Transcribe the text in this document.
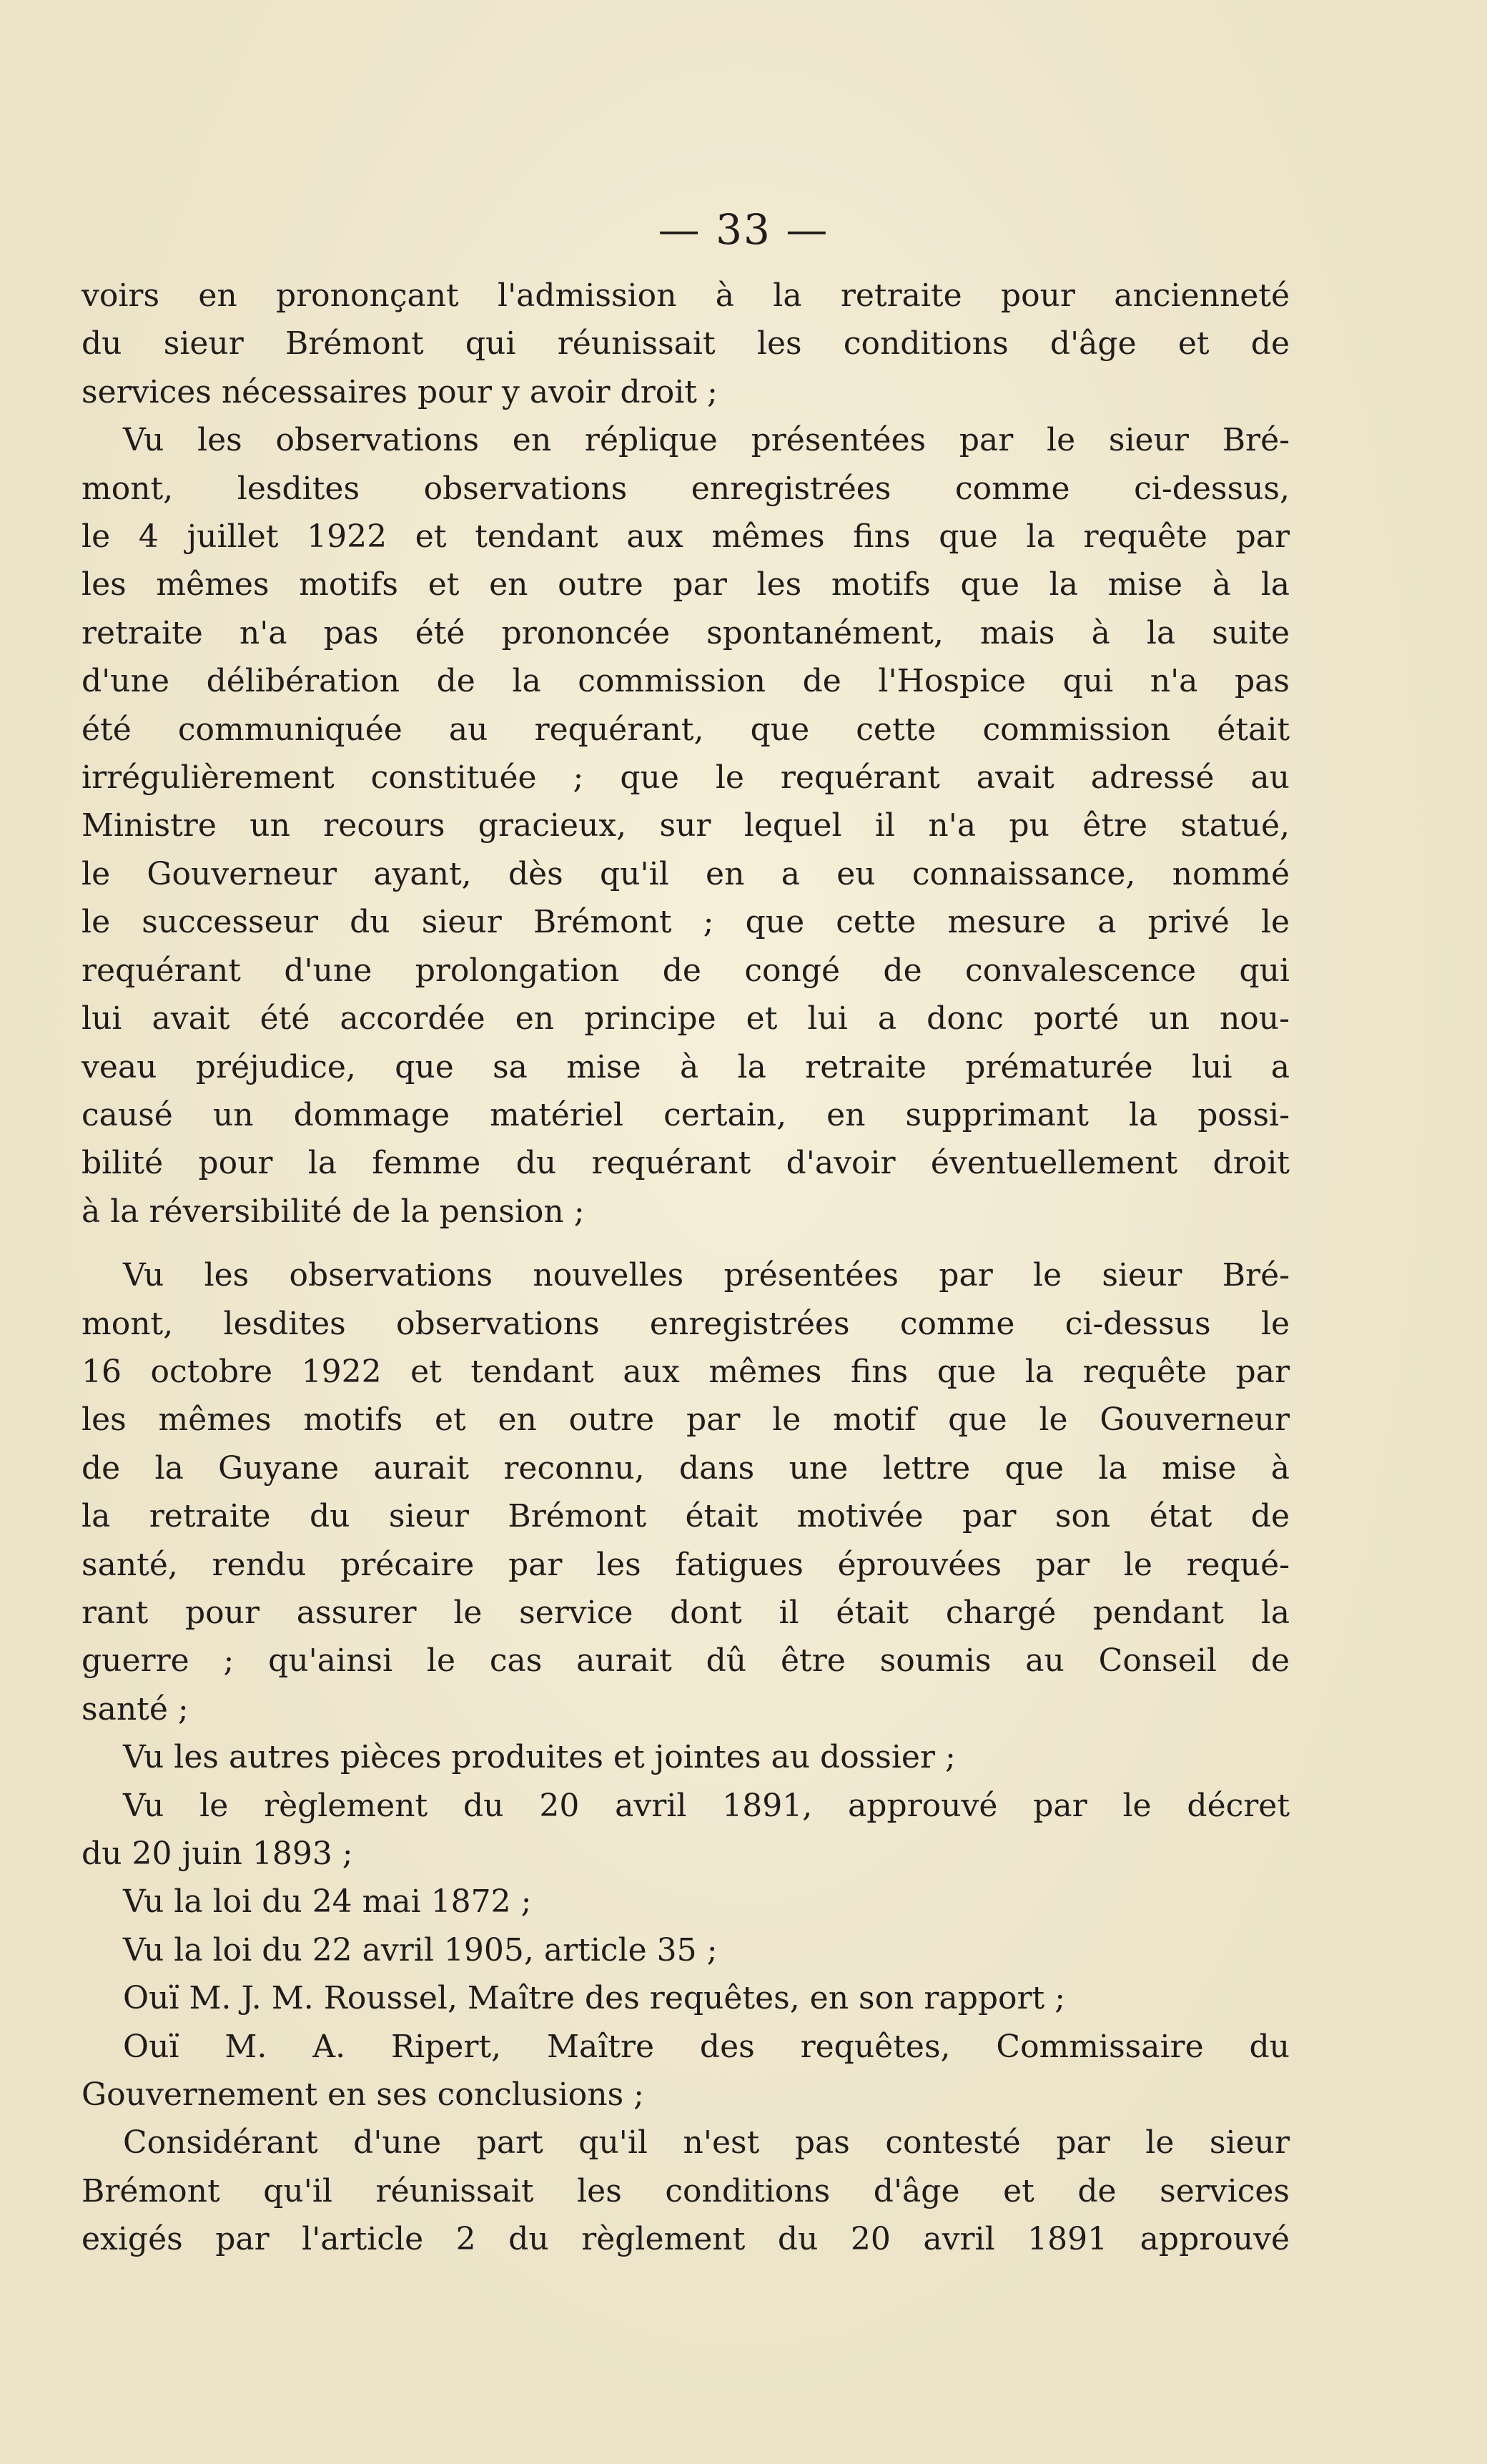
— 33 —
voirs en prononçant l'admission à la retraite pour ancienneté
du sieur Brémont qui réunissait les conditions d'âge et de
services nécessaires pour y avoir droit ;
Vu les observations en réplique présentées par le sieur Bré-
mont, lesdites observations enregistrées comme ci-dessus,
le 4 juillet 1922 et tendant aux mêmes fins que la requête par
les mêmes motifs et en outre par les motifs que la mise à la
retraite n'a pas été prononcée spontanément, mais à la suite
d'une délibération de la commission de l'Hospice qui n'a pas
été communiquée au requérant, que cette commission était
irrégulièrement constituée ; que le requérant avait adressé au
Ministre un recours gracieux, sur lequel il n'a pu être statué,
le Gouverneur ayant, dès qu'il en a eu connaissance, nommé
le successeur du sieur Brémont ; que cette mesure a privé le
requérant d'une prolongation de congé de convalescence qui
lui avait été accordée en principe et lui a donc porté un nou-
veau préjudice, que sa mise à la retraite prématurée lui a
causé un dommage matériel certain, en supprimant la possi-
bilité pour la femme du requérant d'avoir éventuellement droit
à la réversibilité de la pension ;
Vu les observations nouvelles présentées par le sieur Bré-
mont, lesdites observations enregistrées comme ci-dessus le
16 octobre 1922 et tendant aux mêmes fins que la requête par
les mêmes motifs et en outre par le motif que le Gouverneur
de la Guyane aurait reconnu, dans une lettre que la mise à
la retraite du sieur Brémont était motivée par son état de
santé, rendu précaire par les fatigues éprouvées par le requé-
rant pour assurer le service dont il était chargé pendant la
guerre ; qu'ainsi le cas aurait dû être soumis au Conseil de
santé ;
Vu les autres pièces produites et jointes au dossier ;
Vu le règlement du 20 avril 1891, approuvé par le décret
du 20 juin 1893 ;
Vu la loi du 24 mai 1872 ;
Vu la loi du 22 avril 1905, article 35 ;
Ouï M. J. M. Roussel, Maître des requêtes, en son rapport ;
Ouï M. A. Ripert, Maître des requêtes, Commissaire du
Gouvernement en ses conclusions ;
Considérant d'une part qu'il n'est pas contesté par le sieur
Brémont qu'il réunissait les conditions d'âge et de services
exigés par l'article 2 du règlement du 20 avril 1891 approuvé
